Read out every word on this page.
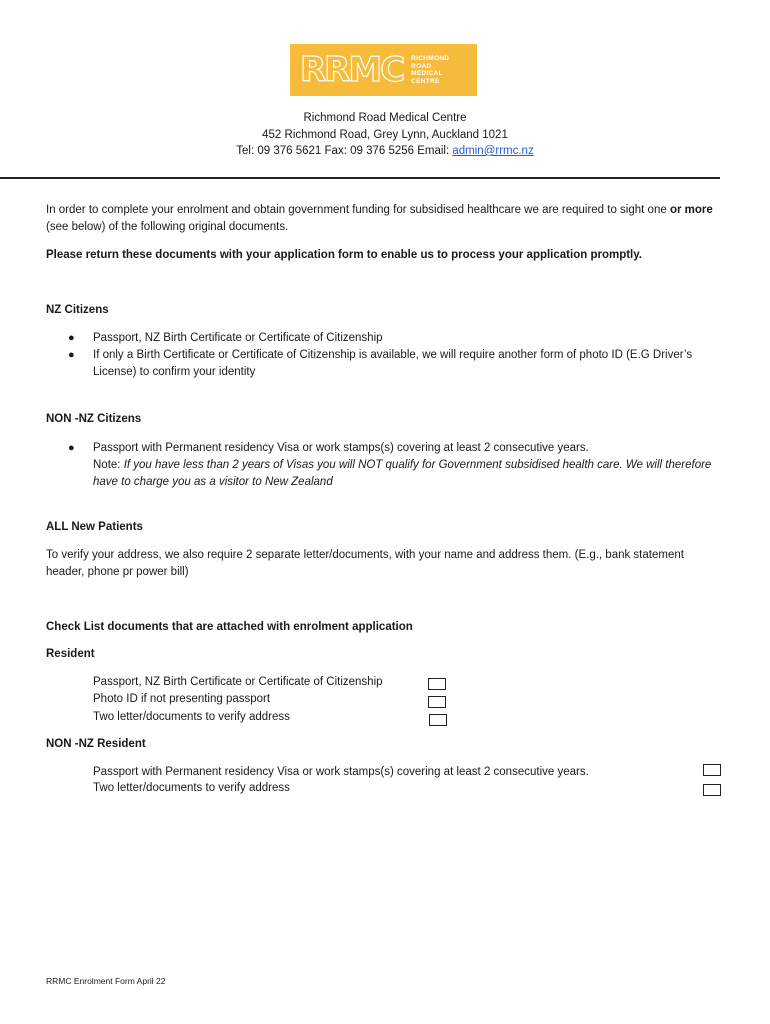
RRMC RICHMOND
ROAD
MEDICAL
CENTRE
Richmond Road Medical Centre
452 Richmond Road, Grey Lynn, Auckland 1021
Tel: 09 376 5621 Fax: 09 376 5256 Email: admin@rrmc.nz
In order to complete your enrolment and obtain government funding for subsidised healthcare we are required to sight one or more (see below) of the following original documents.
Please return these documents with your application form to enable us to process your application promptly.
NZ Citizens
● Passport, NZ Birth Certificate or Certificate of Citizenship
● If only a Birth Certificate or Certificate of Citizenship is available, we will require another form of photo ID (E.G Driver’s License) to confirm your identity
NON -NZ Citizens
● Passport with Permanent residency Visa or work stamps(s) covering at least 2 consecutive years.
Note: If you have less than 2 years of Visas you will NOT qualify for Government subsidised health care. We will therefore have to charge you as a visitor to New Zealand
ALL New Patients
To verify your address, we also require 2 separate letter/documents, with your name and address them. (E.g., bank statement header, phone pr power bill)
Check List documents that are attached with enrolment application
Resident
Passport, NZ Birth Certificate or Certificate of Citizenship
Photo ID if not presenting passport
Two letter/documents to verify address
NON -NZ Resident
Passport with Permanent residency Visa or work stamps(s) covering at least 2 consecutive years.
Two letter/documents to verify address
RRMC Enrolment Form April 22
